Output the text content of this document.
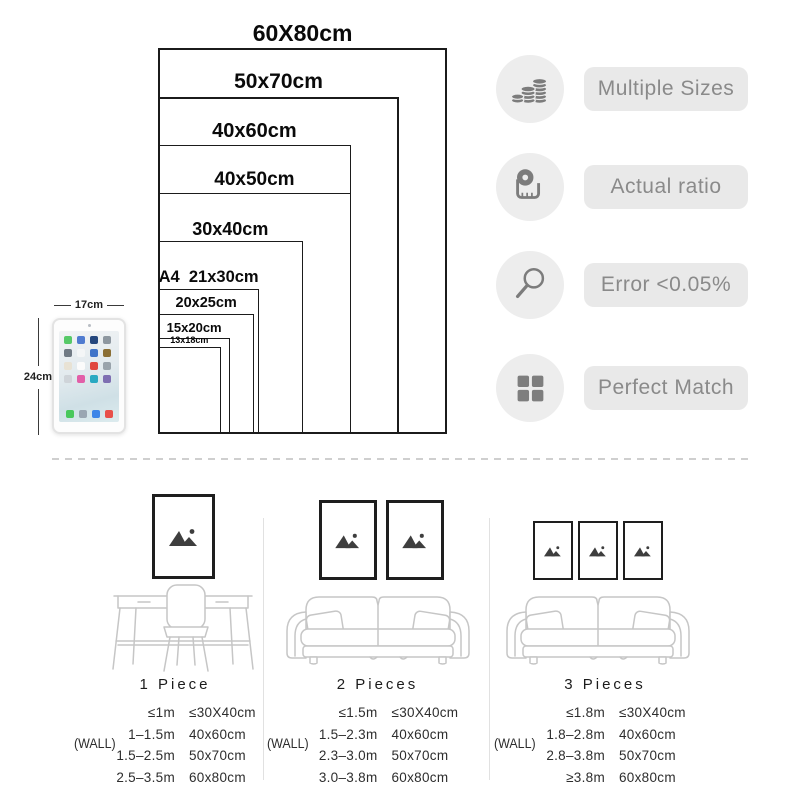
60X80cm
50x70cm
40x60cm
40x50cm
30x40cm
A4  21x30cm
20x25cm
15x20cm
13x18cm
17cm
24cm
Multiple Sizes
Actual ratio
Error <0.05%
Perfect Match
(WALL)	(WALL)	(WALL)
1 Piece
≤1m	≤30X40cm
1–1.5m	40x60cm
1.5–2.5m	50x70cm
2.5–3.5m	60x80cm
2 Pieces
≤1.5m	≤30X40cm
1.5–2.3m	40x60cm
2.3–3.0m	50x70cm
3.0–3.8m	60x80cm
3 Pieces
≤1.8m	≤30X40cm
1.8–2.8m	40x60cm
2.8–3.8m	50x70cm
≥3.8m	60x80cm
